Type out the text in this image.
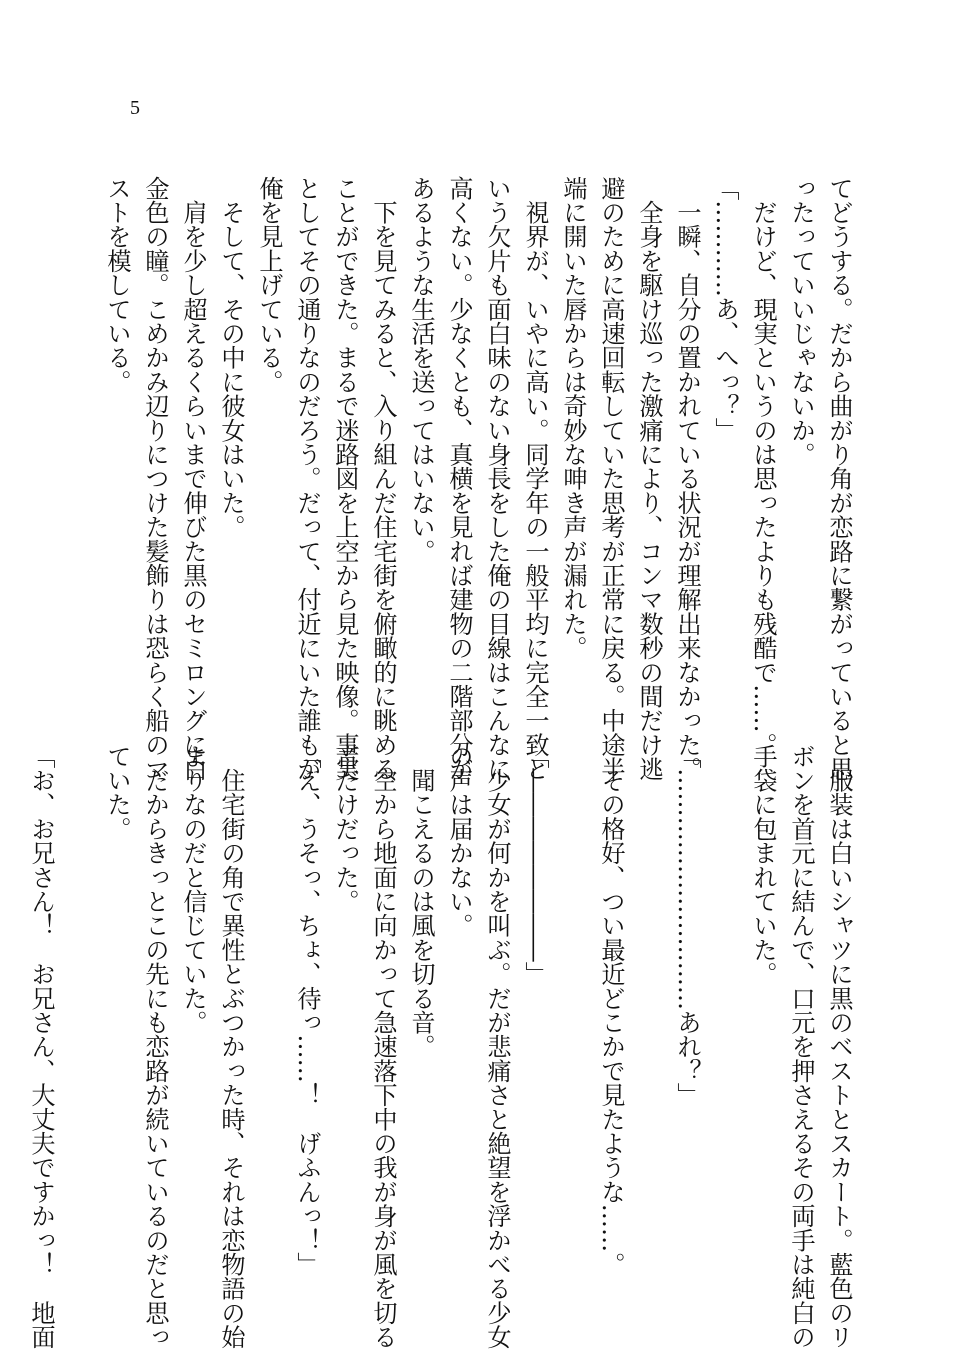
5
てどうする。だから曲がり角が恋路に繋がっていると思
ったっていいじゃないか。
　だけど、現実というのは思ったよりも残酷で……。
「…………あ、へっ？」
　一瞬、自分の置かれている状況が理解出来なかった。
　全身を駆け巡った激痛により、コンマ数秒の間だけ逃
避のために高速回転していた思考が正常に戻る。中途半
端に開いた唇からは奇妙な呻き声が漏れた。
　視界が、いやに高い。同学年の一般平均に完全一致と
いう欠片も面白味のない身長をした俺の目線はこんなに
高くない。少なくとも、真横を見れば建物の二階部分が
あるような生活を送ってはいない。
　下を見てみると、入り組んだ住宅街を俯瞰的に眺める
ことができた。まるで迷路図を上空から見た映像。事実
としてその通りなのだろう。だって、付近にいた誰もが
俺を見上げている。
　そして、その中に彼女はいた。
　肩を少し超えるくらいまで伸びた黒のセミロングに白
金色の瞳。こめかみ辺りにつけた髪飾りは恐らく船のマ
ストを模している。
　服装は白いシャツに黒のベストとスカート。藍色のリ
ボンを首元に結んで、口元を押さえるその両手は純白の
手袋に包まれていた。

「…………………………あれ？」

　その格好、つい最近どこかで見たような……。

「――――――――」
　少女が何かを叫ぶ。だが悲痛さと絶望を浮かべる少女
の声は届かない。
　聞こえるのは風を切る音。
　空から地面に向かって急速落下中の我が身が風を切る
音だけだった。
「え、うそっ、ちょ、待っ……！　げふんっ！」

　住宅街の角で異性とぶつかった時、それは恋物語の始
まりなのだと信じていた。
　だからきっとこの先にも恋路が続いているのだと思っ
ていた。

「お、お兄さん！　お兄さん、大丈夫ですかっ！　地面
